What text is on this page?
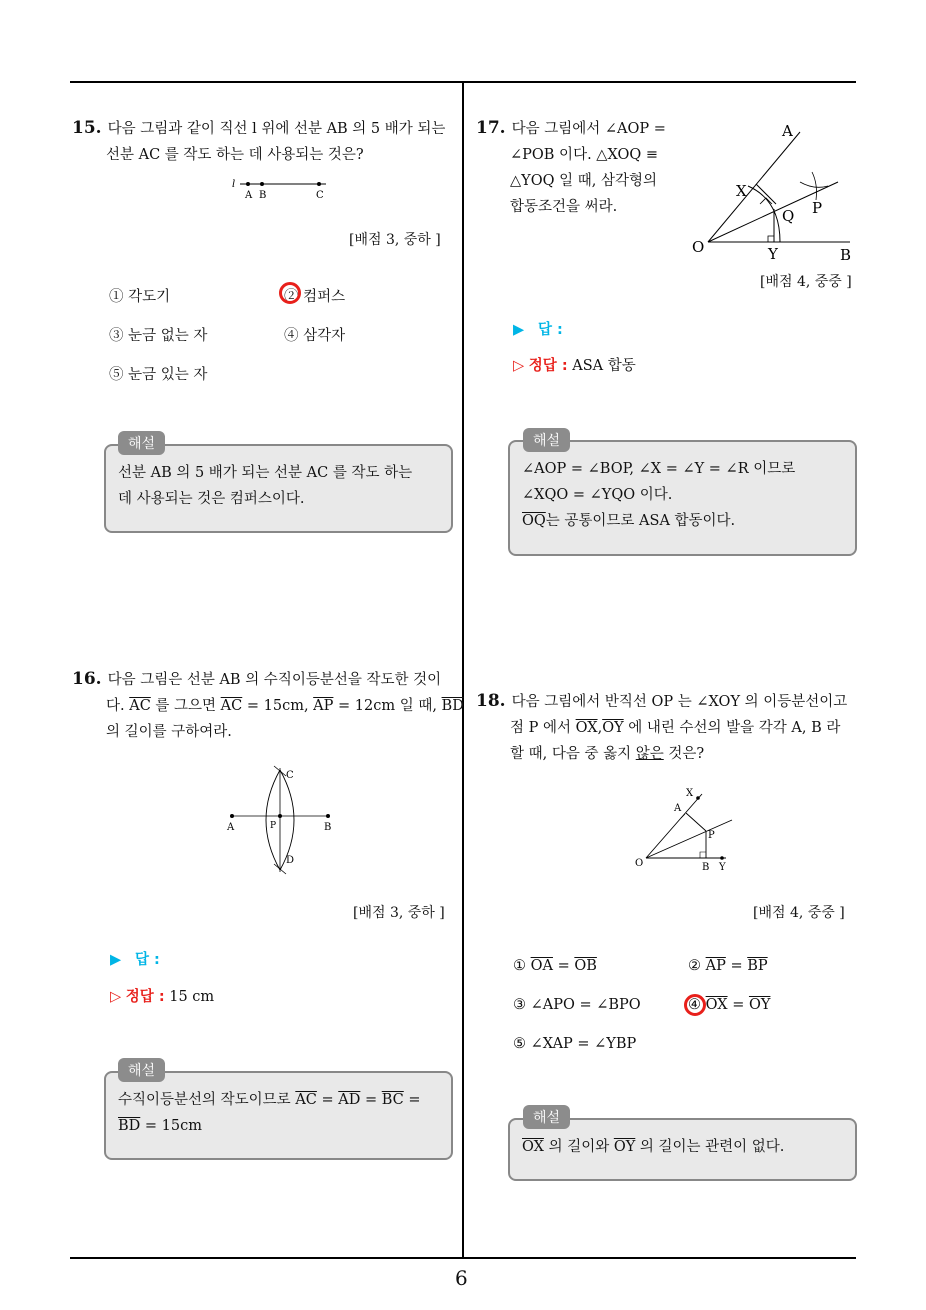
6
15. 다음 그림과 같이 직선 l 위에 선분 AB 의 5 배가 되는
선분 AC 를 작도 하는 데 사용되는 것은?
l
A B	C
[배점 3, 중하 ]
① 각도기	② 컴퍼스
③ 눈금 없는 자	④ 삼각자
⑤ 눈금 있는 자
선분 AB 의 5 배가 되는 선분 AC 를 작도 하는
데 사용되는 것은 컴퍼스이다.
해설
16. 다음 그림은 선분 AB 의 수직이등분선을 작도한 것이
다. $\overline{AC}$ 를 그으면 $\overline{AC} = 15cm$, $\overline{AP} = 12cm$ 일 때, $\overline{BD}$
의 길이를 구하여라.
A	B
C
D
P
[배점 3, 중하 ]
▶ 답 :
▷ 정답 : 15 cm
수직이등분선의 작도이므로 $\overline{AC} = \overline{AD} = \overline{BC}$ =
$\overline{BD} = 15cm$
해설
17. 다음 그림에서 ∠AOP =
∠POB 이다. △XOQ ≡
△YOQ 일 때, 삼각형의
합동조건을 써라.
O
A
B
X
Q P
Y
[배점 4, 중중 ]
▶ 답 :
▷ 정답 : ASA 합동
∠AOP = ∠BOP, ∠X = ∠Y = ∠R 이므로
∠XQO = ∠YQO 이다.
$\overline{OQ}$는 공통이므로 ASA 합동이다.
해설
18. 다음 그림에서 반직선 OP 는 ∠XOY 의 이등분선이고
점 P 에서 $\overline{OX},\overline{OY}$ 에 내린 수선의 발을 각각 A, B 라
할 때, 다음 중 옳지 않은 것은?
X
A
P
O	B Y
[배점 4, 중중 ]
① $\overline{OA} = \overline{OB}$	② $\overline{AP} = \overline{BP}$
③ ∠APO = ∠BPO	④ $\overline{OX} = \overline{OY}$
⑤ ∠XAP = ∠YBP
$\overline{OX}$ 의 길이와 $\overline{OY}$ 의 길이는 관련이 없다.
해설
